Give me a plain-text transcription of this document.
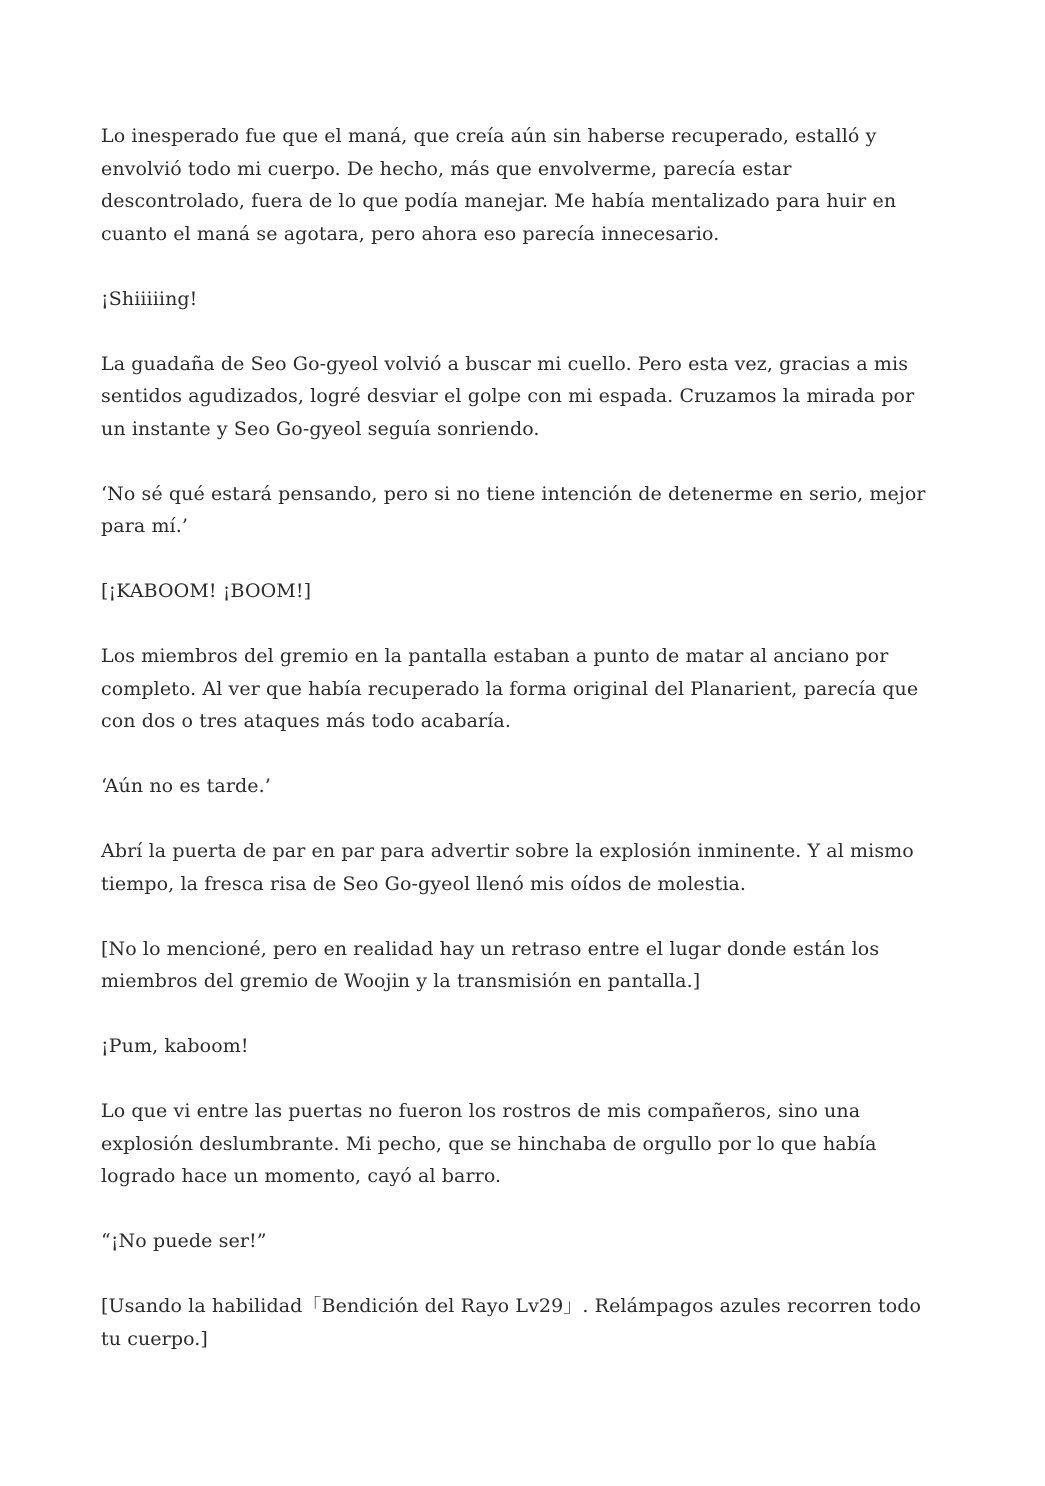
Lo inesperado fue que el maná, que creía aún sin haberse recuperado, estalló y envolvió todo mi cuerpo. De hecho, más que envolverme, parecía estar descontrolado, fuera de lo que podía manejar. Me había mentalizado para huir en cuanto el maná se agotara, pero ahora eso parecía innecesario.

¡Shiiiiing!

La guadaña de Seo Go-gyeol volvió a buscar mi cuello. Pero esta vez, gracias a mis sentidos agudizados, logré desviar el golpe con mi espada. Cruzamos la mirada por un instante y Seo Go-gyeol seguía sonriendo.

‘No sé qué estará pensando, pero si no tiene intención de detenerme en serio, mejor para mí.’

[¡KABOOM! ¡BOOM!]

Los miembros del gremio en la pantalla estaban a punto de matar al anciano por completo. Al ver que había recuperado la forma original del Planarient, parecía que con dos o tres ataques más todo acabaría.

‘Aún no es tarde.’

Abrí la puerta de par en par para advertir sobre la explosión inminente. Y al mismo tiempo, la fresca risa de Seo Go-gyeol llenó mis oídos de molestia.

[No lo mencioné, pero en realidad hay un retraso entre el lugar donde están los miembros del gremio de Woojin y la transmisión en pantalla.]

¡Pum, kaboom!

Lo que vi entre las puertas no fueron los rostros de mis compañeros, sino una explosión deslumbrante. Mi pecho, que se hinchaba de orgullo por lo que había logrado hace un momento, cayó al barro.

“¡No puede ser!”

[Usando la habilidad「Bendición del Rayo Lv29」. Relámpagos azules recorren todo tu cuerpo.]
